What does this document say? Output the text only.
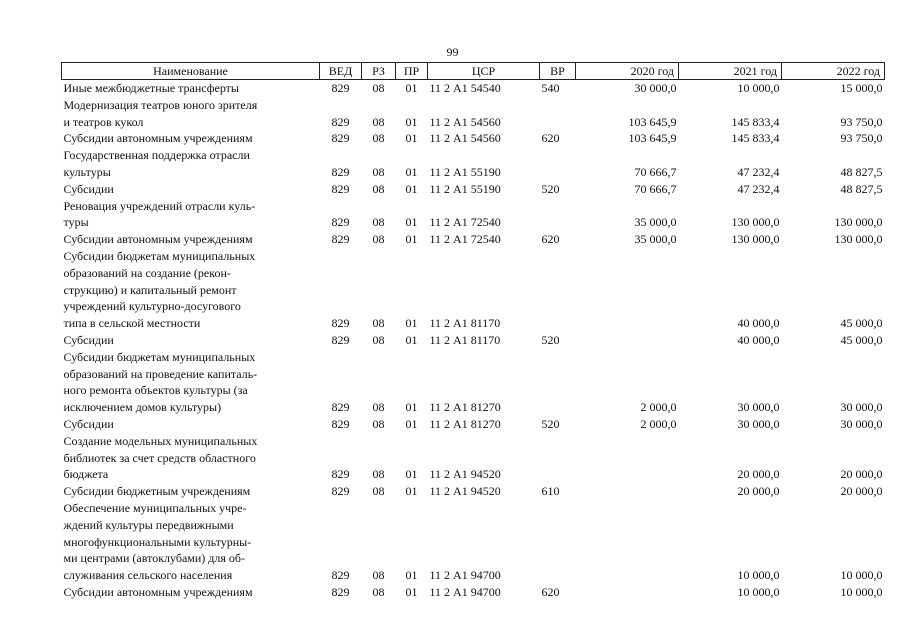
99
Наименование	ВЕД	РЗ	ПР	ЦСР	ВР	2020 год	2021 год	2022 год
Иные межбюджетные трансферты	829	08	01	11 2 А1 54540	540	30 000,0	10 000,0	15 000,0
Модернизация театров юного зрителя
и театров кукол	829	08	01	11 2 А1 54560		103 645,9	145 833,4	93 750,0
Субсидии автономным учреждениям	829	08	01	11 2 А1 54560	620	103 645,9	145 833,4	93 750,0
Государственная поддержка отрасли
культуры	829	08	01	11 2 А1 55190		70 666,7	47 232,4	48 827,5
Субсидии	829	08	01	11 2 А1 55190	520	70 666,7	47 232,4	48 827,5
Реновация учреждений отрасли куль-
туры	829	08	01	11 2 А1 72540		35 000,0	130 000,0	130 000,0
Субсидии автономным учреждениям	829	08	01	11 2 А1 72540	620	35 000,0	130 000,0	130 000,0
Субсидии бюджетам муниципальных
образований на создание (рекон-
струкцию) и капитальный ремонт
учреждений культурно-досугового
типа в сельской местности	829	08	01	11 2 А1 81170			40 000,0	45 000,0
Субсидии	829	08	01	11 2 А1 81170	520		40 000,0	45 000,0
Субсидии бюджетам муниципальных
образований на проведение капиталь-
ного ремонта объектов культуры (за
исключением домов культуры)	829	08	01	11 2 А1 81270		2 000,0	30 000,0	30 000,0
Субсидии	829	08	01	11 2 А1 81270	520	2 000,0	30 000,0	30 000,0
Создание модельных муниципальных
библиотек за счет средств областного
бюджета	829	08	01	11 2 А1 94520			20 000,0	20 000,0
Субсидии бюджетным учреждениям	829	08	01	11 2 А1 94520	610		20 000,0	20 000,0
Обеспечение муниципальных учре-
ждений культуры передвижными
многофункциональными культурны-
ми центрами (автоклубами) для об-
служивания сельского населения	829	08	01	11 2 А1 94700			10 000,0	10 000,0
Субсидии автономным учреждениям	829	08	01	11 2 А1 94700	620		10 000,0	10 000,0
